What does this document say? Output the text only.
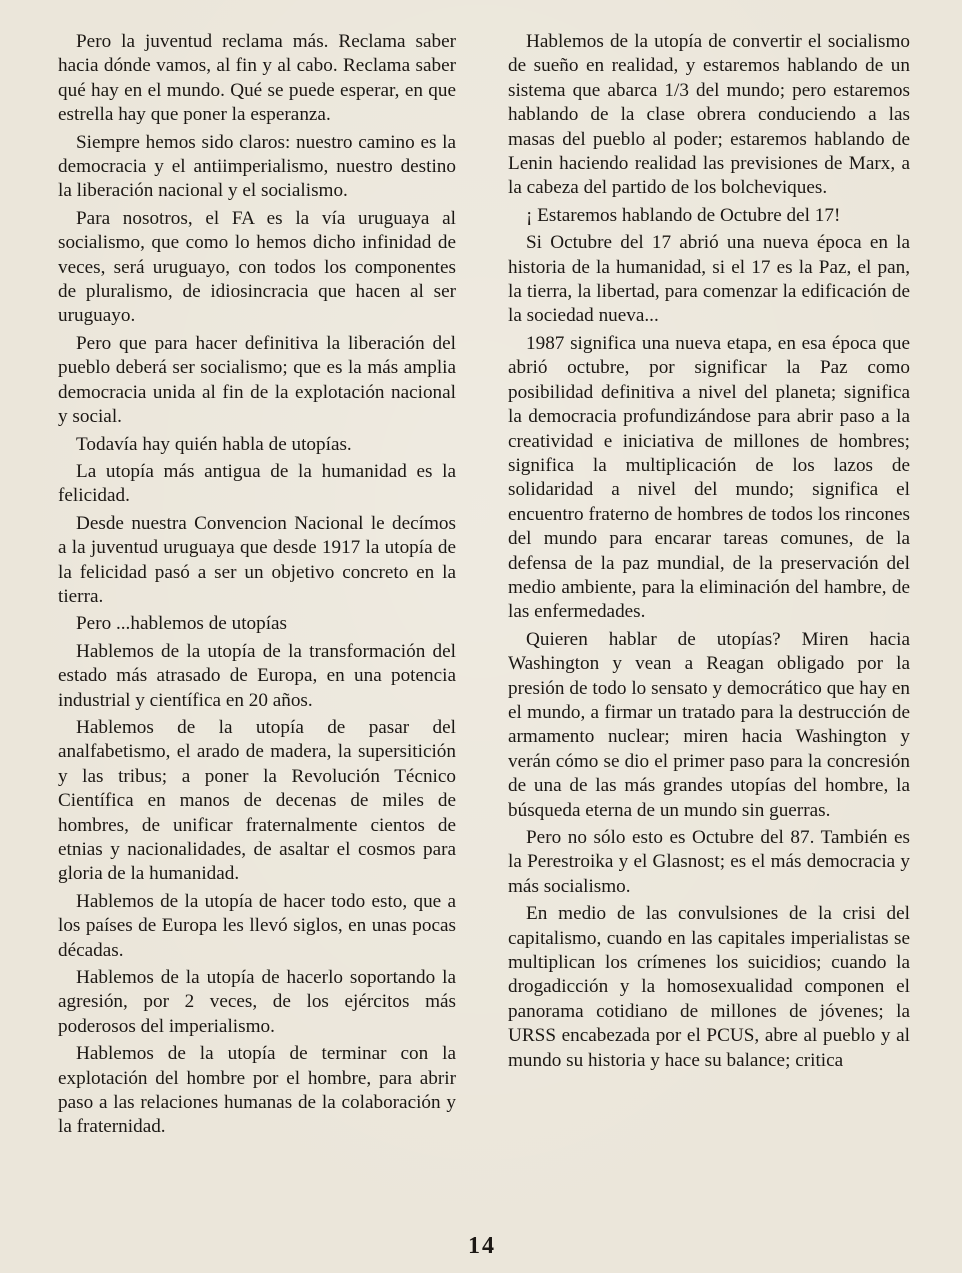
Pero la juventud reclama más. Reclama saber hacia dónde vamos, al fin y al cabo. Reclama saber qué hay en el mundo. Qué se puede esperar, en que estrella hay que poner la esperanza.

Siempre hemos sido claros: nuestro camino es la democracia y el antiimperialismo, nuestro destino la liberación nacional y el socialismo.

Para nosotros, el FA es la vía uruguaya al socialismo, que como lo hemos dicho infinidad de veces, será uruguayo, con todos los componentes de pluralismo, de idiosincracia que hacen al ser uruguayo.

Pero que para hacer definitiva la liberación del pueblo deberá ser socialismo; que es la más amplia democracia unida al fin de la explotación nacional y social.

Todavía hay quién habla de utopías.

La utopía más antigua de la humanidad es la felicidad.

Desde nuestra Convencion Nacional le decímos a la juventud uruguaya que desde 1917 la utopía de la felicidad pasó a ser un objetivo concreto en la tierra.

Pero ...hablemos de utopías

Hablemos de la utopía de la transformación del estado más atrasado de Europa, en una potencia industrial y científica en 20 años.

Hablemos de la utopía de pasar del analfabetismo, el arado de madera, la supersitición y las tribus; a poner la Revolución Técnico Científica en manos de decenas de miles de hombres, de unificar fraternalmente cientos de etnias y nacionalidades, de asaltar el cosmos para gloria de la humanidad.

Hablemos de la utopía de hacer todo esto, que a los países de Europa les llevó siglos, en unas pocas décadas.

Hablemos de la utopía de hacerlo soportando la agresión, por 2 veces, de los ejércitos más poderosos del imperialismo.

Hablemos de la utopía de terminar con la explotación del hombre por el hombre, para abrir paso a las relaciones humanas de la colaboración y la fraternidad.

Hablemos de la utopía de convertir el socialismo de sueño en realidad, y estaremos hablando de un sistema que abarca 1/3 del mundo; pero estaremos hablando de la clase obrera conduciendo a las masas del pueblo al poder; estaremos hablando de Lenin haciendo realidad las previsiones de Marx, a la cabeza del partido de los bolcheviques.

¡ Estaremos hablando de Octubre del 17!

Si Octubre del 17 abrió una nueva época en la historia de la humanidad, si el 17 es la Paz, el pan, la tierra, la libertad, para comenzar la edificación de la sociedad nueva...

1987 significa una nueva etapa, en esa época que abrió octubre, por significar la Paz como posibilidad definitiva a nivel del planeta; significa la democracia profundizándose para abrir paso a la creatividad e iniciativa de millones de hombres; significa la multiplicación de los lazos de solidaridad a nivel del mundo; significa el encuentro fraterno de hombres de todos los rincones del mundo para encarar tareas comunes, de la defensa de la paz mundial, de la preservación del medio ambiente, para la eliminación del hambre, de las enfermedades.

Quieren hablar de utopías? Miren hacia Washington y vean a Reagan obligado por la presión de todo lo sensato y democrático que hay en el mundo, a firmar un tratado para la destrucción de armamento nuclear; miren hacia Washington y verán cómo se dio el primer paso para la concresión de una de las más grandes utopías del hombre, la búsqueda eterna de un mundo sin guerras.

Pero no sólo esto es Octubre del 87. También es la Perestroika y el Glasnost; es el más democracia y más socialismo.

En medio de las convulsiones de la crisi del capitalismo, cuando en las capitales imperialistas se multiplican los crímenes los suicidios; cuando la drogadicción y la homosexualidad componen el panorama cotidiano de millones de jóvenes; la URSS encabezada por el PCUS, abre al pueblo y al mundo su historia y hace su balance; critica

14
